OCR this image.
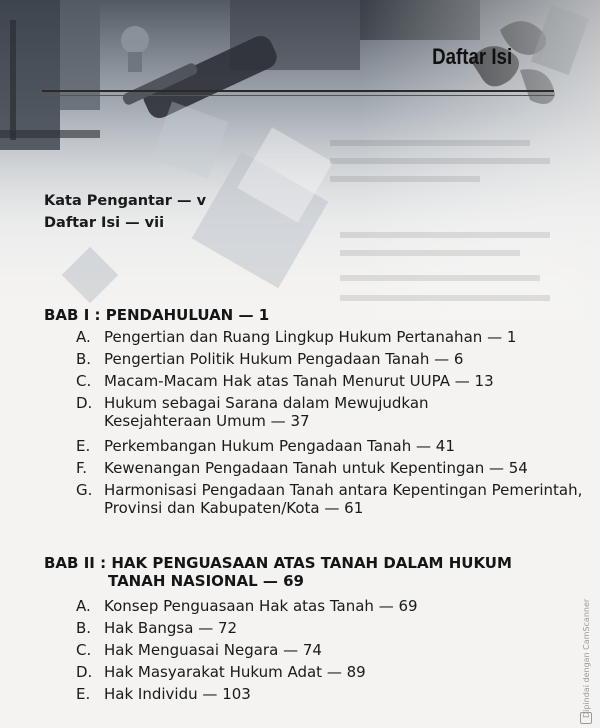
Daftar Isi
Kata Pengantar — v
Daftar Isi — vii
BAB I : PENDAHULUAN — 1
A. Pengertian dan Ruang Lingkup Hukum Pertanahan — 1
B. Pengertian Politik Hukum Pengadaan Tanah — 6
C. Macam-Macam Hak atas Tanah Menurut UUPA — 13
D. Hukum sebagai Sarana dalam Mewujudkan
Kesejahteraan Umum — 37
E. Perkembangan Hukum Pengadaan Tanah — 41
F. Kewenangan Pengadaan Tanah untuk Kepentingan — 54
G. Harmonisasi Pengadaan Tanah antara Kepentingan Pemerintah,
Provinsi dan Kabupaten/Kota — 61
BAB II : HAK PENGUASAAN ATAS TANAH DALAM HUKUM
TANAH NASIONAL — 69
A. Konsep Penguasaan Hak atas Tanah — 69
B. Hak Bangsa — 72
C. Hak Menguasai Negara — 74
D. Hak Masyarakat Hukum Adat — 89
E. Hak Individu — 103	Dipindai dengan CamScanner
